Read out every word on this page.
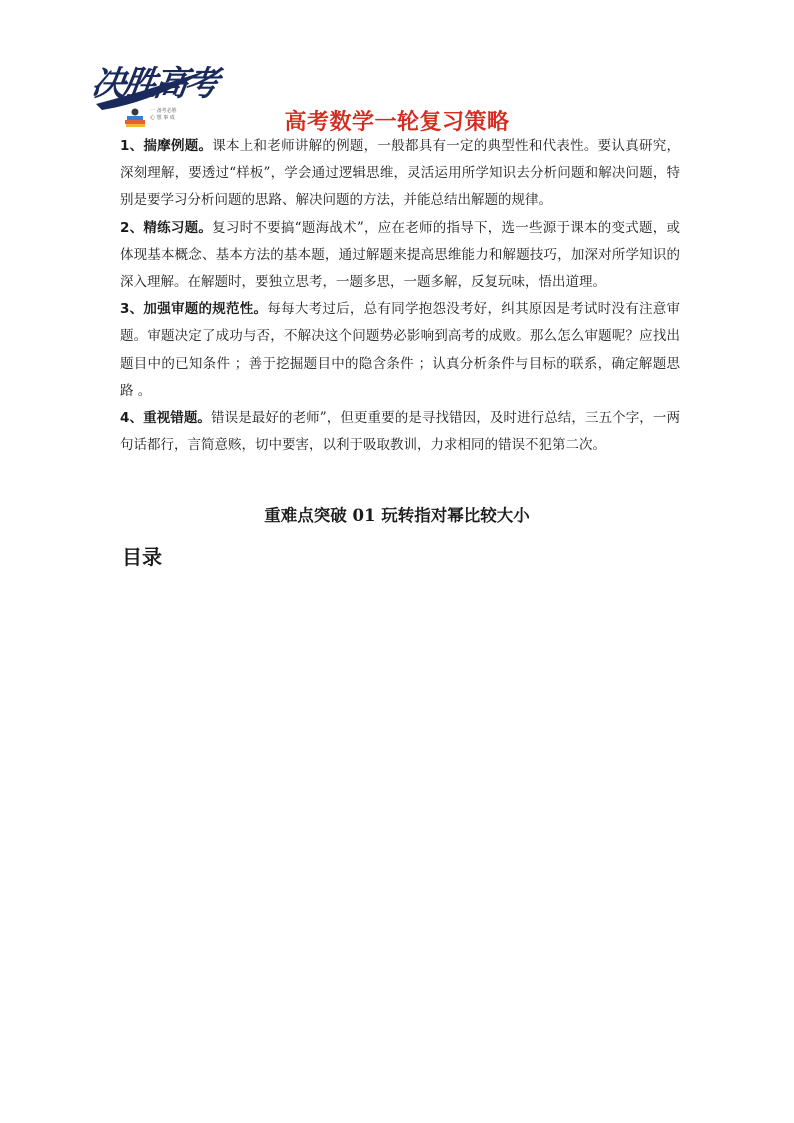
决胜高考
一 备考必胜
心 想 事 成	高考数学一轮复习策略

1、揣摩例题。课本上和老师讲解的例题，一般都具有一定的典型性和代表性。要认真研究，深刻理解，要透过“样板”，学会通过逻辑思维，灵活运用所学知识去分析问题和解决问题，特别是要学习分析问题的思路、解决问题的方法，并能总结出解题的规律。

2、精练习题。复习时不要搞“题海战术”，应在老师的指导下，选一些源于课本的变式题，或体现基本概念、基本方法的基本题，通过解题来提高思维能力和解题技巧，加深对所学知识的深入理解。在解题时，要独立思考，一题多思，一题多解，反复玩味，悟出道理。

3、加强审题的规范性。每每大考过后，总有同学抱怨没考好，纠其原因是考试时没有注意审题。审题决定了成功与否，不解决这个问题势必影响到高考的成败。那么怎么审题呢？应找出题目中的已知条件 ；善于挖掘题目中的隐含条件 ；认真分析条件与目标的联系，确定解题思路 。

4、重视错题。错误是最好的老师”，但更重要的是寻找错因，及时进行总结，三五个字，一两句话都行，言简意赅，切中要害，以利于吸取教训，力求相同的错误不犯第二次。

重难点突破 01 玩转指对幂比较大小
目录
